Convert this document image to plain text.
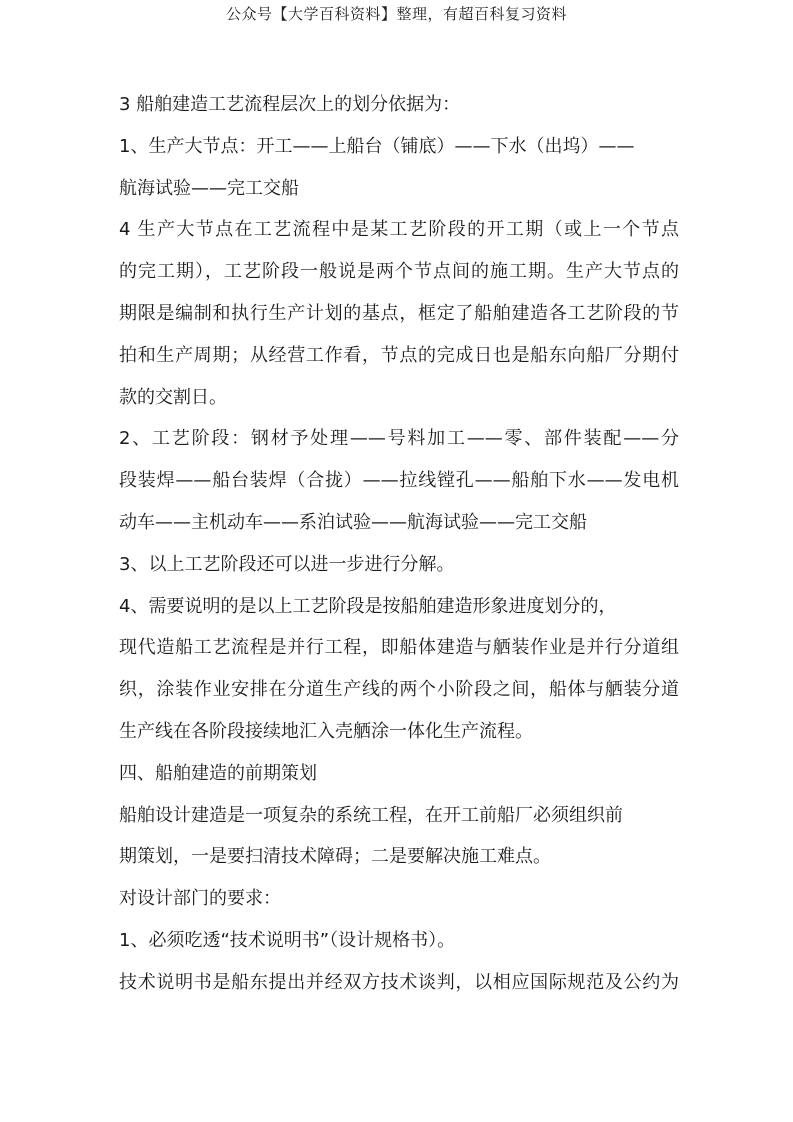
公众号【大学百科资料】整理，有超百科复习资料
3 船舶建造工艺流程层次上的划分依据为：
1、生产大节点：开工——上船台（铺底）——下水（出坞）——
航海试验——完工交船
4 生产大节点在工艺流程中是某工艺阶段的开工期（或上一个节点
的完工期），工艺阶段一般说是两个节点间的施工期。生产大节点的
期限是编制和执行生产计划的基点，框定了船舶建造各工艺阶段的节
拍和生产周期；从经营工作看，节点的完成日也是船东向船厂分期付
款的交割日。
2、工艺阶段：钢材予处理——号料加工——零、部件装配——分
段装焊——船台装焊（合拢）——拉线镗孔——船舶下水——发电机
动车——主机动车——系泊试验——航海试验——完工交船
3、以上工艺阶段还可以进一步进行分解。
4、需要说明的是以上工艺阶段是按船舶建造形象进度划分的，
现代造船工艺流程是并行工程，即船体建造与舾装作业是并行分道组
织，涂装作业安排在分道生产线的两个小阶段之间，船体与舾装分道
生产线在各阶段接续地汇入壳舾涂一体化生产流程。
四、船舶建造的前期策划
船舶设计建造是一项复杂的系统工程，在开工前船厂必须组织前
期策划，一是要扫清技术障碍；二是要解决施工难点。
对设计部门的要求：
1、必须吃透“技术说明书”（设计规格书）。
技术说明书是船东提出并经双方技术谈判，以相应国际规范及公约为
